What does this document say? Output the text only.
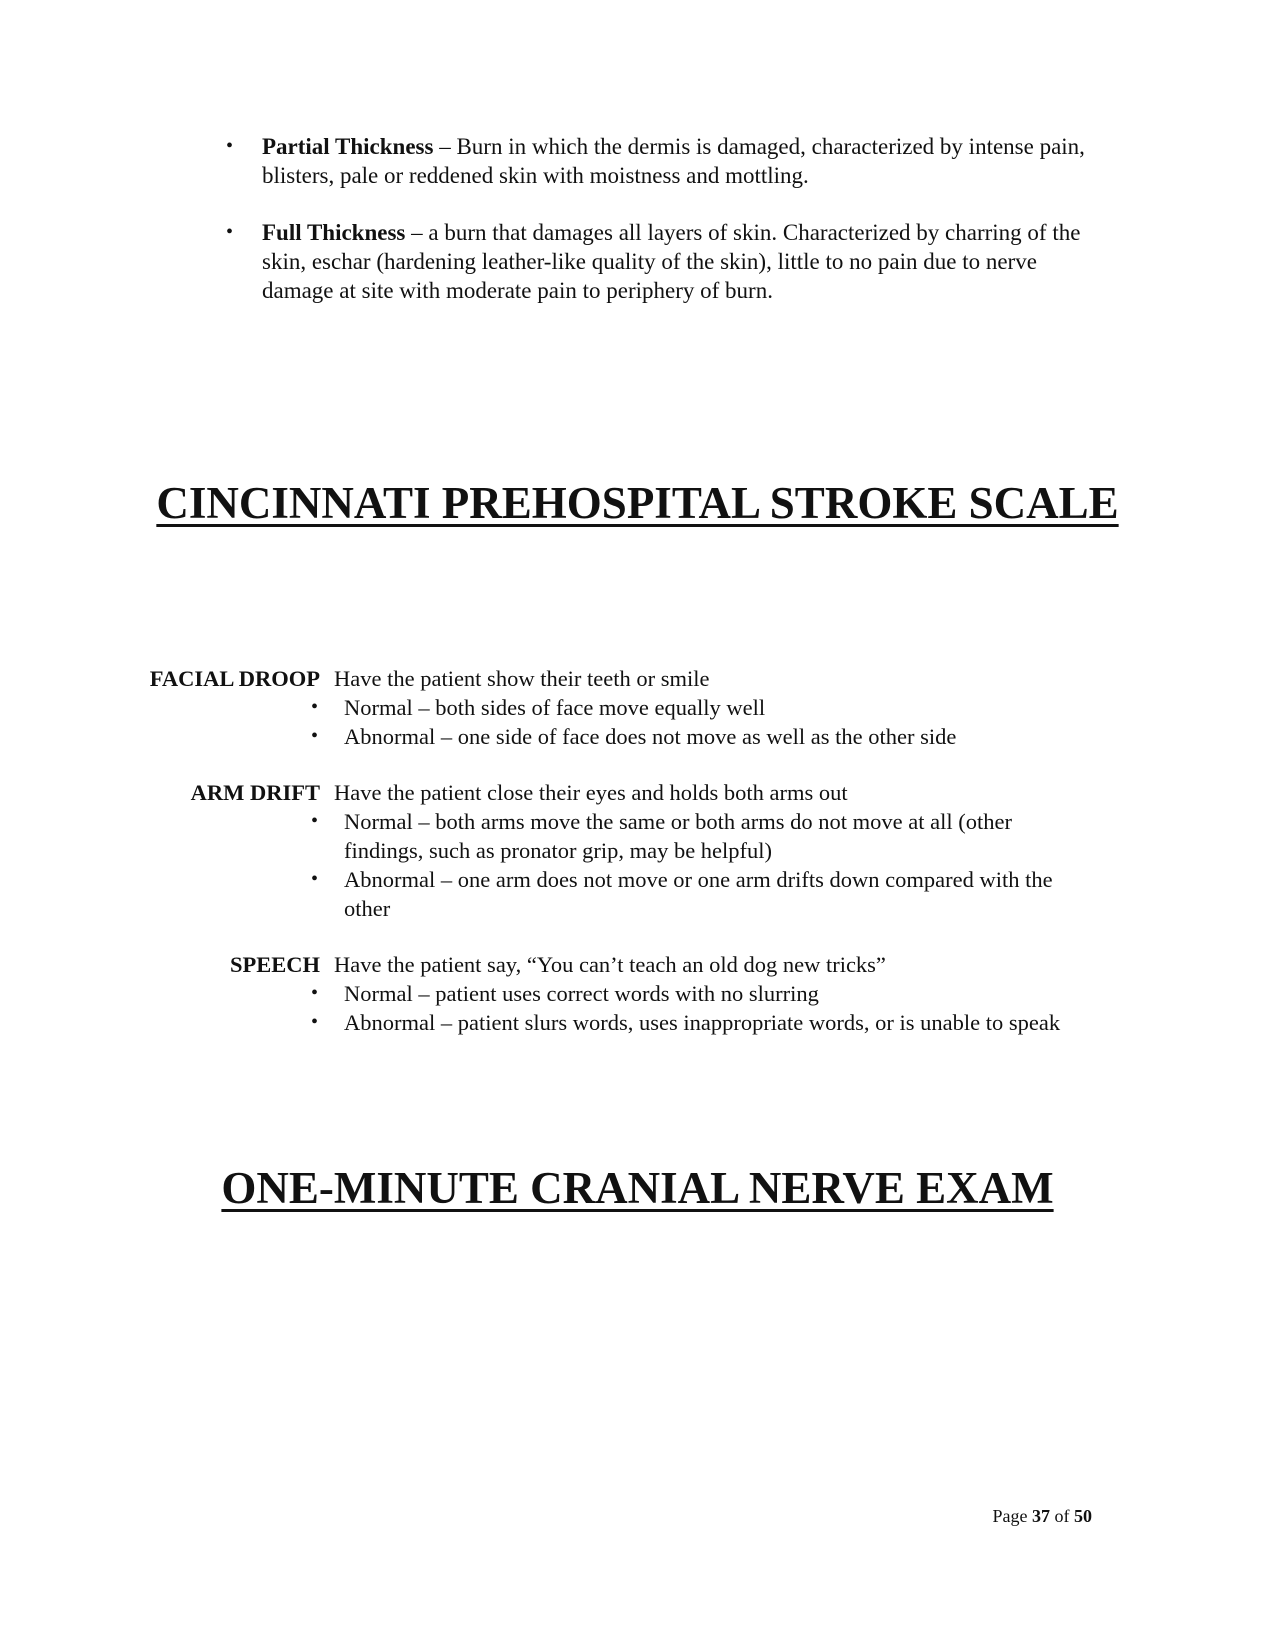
• Partial Thickness – Burn in which the dermis is damaged, characterized by intense pain, blisters, pale or reddened skin with moistness and mottling.
• Full Thickness – a burn that damages all layers of skin. Characterized by charring of the skin, eschar (hardening leather-like quality of the skin), little to no pain due to nerve damage at site with moderate pain to periphery of burn.
CINCINNATI PREHOSPITAL STROKE SCALE
FACIAL DROOP Have the patient show their teeth or smile
• Normal – both sides of face move equally well
• Abnormal – one side of face does not move as well as the other side
ARM DRIFT Have the patient close their eyes and holds both arms out
• Normal – both arms move the same or both arms do not move at all (other findings, such as pronator grip, may be helpful)
• Abnormal – one arm does not move or one arm drifts down compared with the other
SPEECH Have the patient say, “You can’t teach an old dog new tricks”
• Normal – patient uses correct words with no slurring
• Abnormal – patient slurs words, uses inappropriate words, or is unable to speak
ONE-MINUTE CRANIAL NERVE EXAM
Page 37 of 50
